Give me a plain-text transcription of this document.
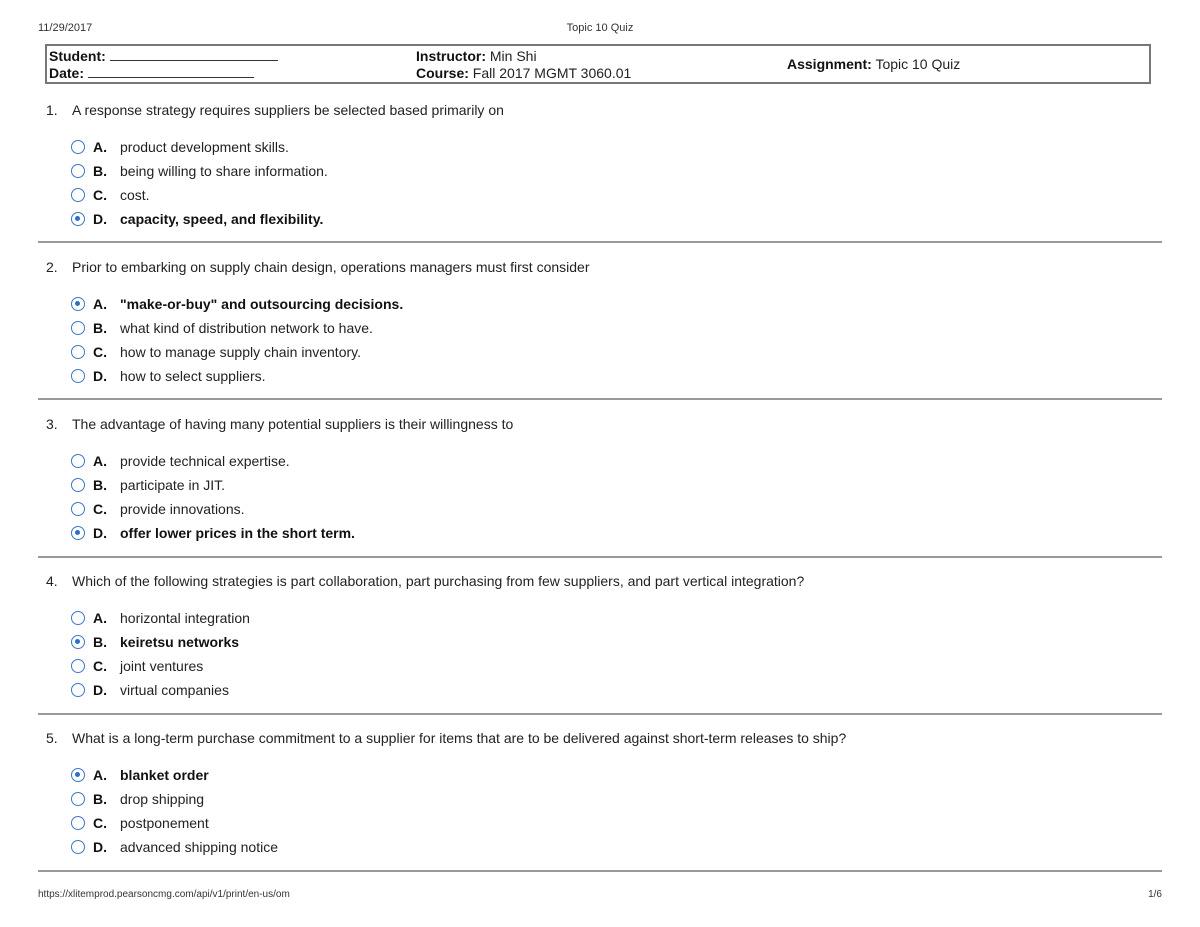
11/29/2017	Topic 10 Quiz
Student:
Date:
Instructor: Min Shi
Course: Fall 2017 MGMT 3060.01
Assignment: Topic 10 Quiz
1. A response strategy requires suppliers be selected based primarily on
A. product development skills.
B. being willing to share information.
C. cost.
D. capacity, speed, and flexibility.
2. Prior to embarking on supply chain design, operations managers must first consider
A. "make-or-buy" and outsourcing decisions.
B. what kind of distribution network to have.
C. how to manage supply chain inventory.
D. how to select suppliers.
3. The advantage of having many potential suppliers is their willingness to
A. provide technical expertise.
B. participate in JIT.
C. provide innovations.
D. offer lower prices in the short term.
4. Which of the following strategies is part collaboration, part purchasing from few suppliers, and part vertical integration?
A. horizontal integration
B. keiretsu networks
C. joint ventures
D. virtual companies
5. What is a long-term purchase commitment to a supplier for items that are to be delivered against short-term releases to ship?
A. blanket order
B. drop shipping
C. postponement
D. advanced shipping notice
https://xlitemprod.pearsoncmg.com/api/v1/print/en-us/om	1/6
